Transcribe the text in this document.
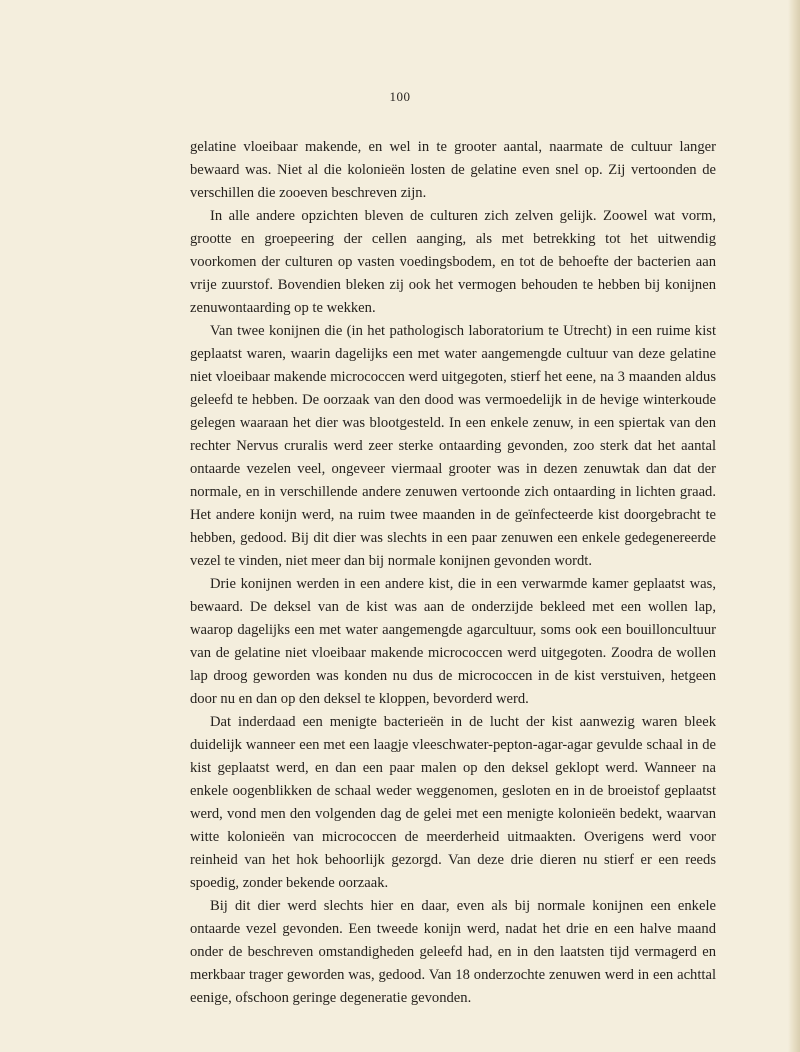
100

gelatine vloeibaar makende, en wel in te grooter aantal, naarmate de cultuur langer bewaard was. Niet al die kolonieën losten de gelatine even snel op. Zij vertoonden de verschillen die zooeven beschreven zijn.

In alle andere opzichten bleven de culturen zich zelven gelijk. Zoowel wat vorm, grootte en groepeering der cellen aanging, als met betrekking tot het uitwendig voorkomen der culturen op vasten voedingsbodem, en tot de behoefte der bacterien aan vrije zuurstof. Bovendien bleken zij ook het vermogen behouden te hebben bij konijnen zenuwontaarding op te wekken.

Van twee konijnen die (in het pathologisch laboratorium te Utrecht) in een ruime kist geplaatst waren, waarin dagelijks een met water aangemengde cultuur van deze gelatine niet vloeibaar makende micrococcen werd uitgegoten, stierf het eene, na 3 maanden aldus geleefd te hebben. De oorzaak van den dood was vermoedelijk in de hevige winterkoude gelegen waaraan het dier was blootgesteld. In een enkele zenuw, in een spiertak van den rechter Nervus cruralis werd zeer sterke ontaarding gevonden, zoo sterk dat het aantal ontaarde vezelen veel, ongeveer viermaal grooter was in dezen zenuwtak dan dat der normale, en in verschillende andere zenuwen vertoonde zich ontaarding in lichten graad. Het andere konijn werd, na ruim twee maanden in de geïnfecteerde kist doorgebracht te hebben, gedood. Bij dit dier was slechts in een paar zenuwen een enkele gedegenereerde vezel te vinden, niet meer dan bij normale konijnen gevonden wordt.

Drie konijnen werden in een andere kist, die in een verwarmde kamer geplaatst was, bewaard. De deksel van de kist was aan de onderzijde bekleed met een wollen lap, waarop dagelijks een met water aangemengde agarcultuur, soms ook een bouilloncultuur van de gelatine niet vloeibaar makende micrococcen werd uitgegoten. Zoodra de wollen lap droog geworden was konden nu dus de micrococcen in de kist verstuiven, hetgeen door nu en dan op den deksel te kloppen, bevorderd werd.

Dat inderdaad een menigte bacterieën in de lucht der kist aanwezig waren bleek duidelijk wanneer een met een laagje vleeschwater-pepton-agar-agar gevulde schaal in de kist geplaatst werd, en dan een paar malen op den deksel geklopt werd. Wanneer na enkele oogenblikken de schaal weder weggenomen, gesloten en in de broeistof geplaatst werd, vond men den volgenden dag de gelei met een menigte kolonieën bedekt, waarvan witte kolonieën van micrococcen de meerderheid uitmaakten. Overigens werd voor reinheid van het hok behoorlijk gezorgd. Van deze drie dieren nu stierf er een reeds spoedig, zonder bekende oorzaak.

Bij dit dier werd slechts hier en daar, even als bij normale konijnen een enkele ontaarde vezel gevonden. Een tweede konijn werd, nadat het drie en een halve maand onder de beschreven omstandigheden geleefd had, en in den laatsten tijd vermagerd en merkbaar trager geworden was, gedood. Van 18 onderzochte zenuwen werd in een achttal eenige, ofschoon geringe degeneratie gevonden.
